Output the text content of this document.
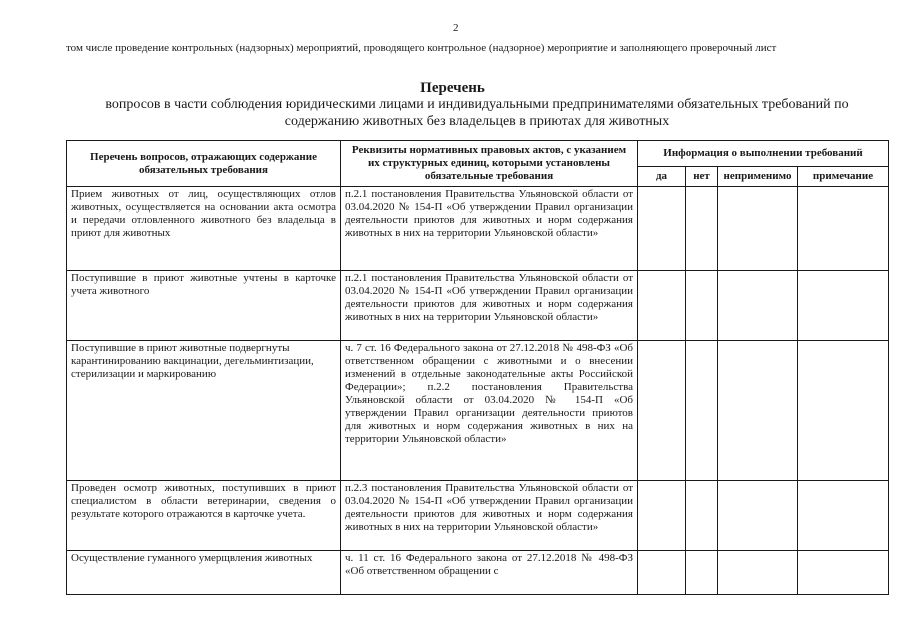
2
том числе проведение контрольных (надзорных) мероприятий, проводящего контрольное (надзорное) мероприятие и заполняющего проверочный лист
Перечень
вопросов в части соблюдения юридическими лицами и индивидуальными предпринимателями обязательных требований по содержанию животных без владельцев в приютах для животных
Перечень вопросов, отражающих содержание обязательных требования	Реквизиты нормативных правовых актов, с указанием их структурных единиц, которыми установлены обязательные требования	Информация о выполнении требований			
		да	нет	неприменимо	примечание
Прием животных от лиц, осуществляющих отлов животных, осуществляется на основании акта осмотра и передачи отловленного животного без владельца в приют для животных	п.2.1 постановления Правительства Ульяновской области от 03.04.2020 № 154-П «Об утверждении Правил организации деятельности приютов для животных и норм содержания животных в них на территории Ульяновской области»				
Поступившие в приют животные учтены в карточке учета животного	п.2.1 постановления Правительства Ульяновской области от 03.04.2020 № 154-П «Об утверждении Правил организации деятельности приютов для животных и норм содержания животных в них на территории Ульяновской области»				
Поступившие в приют животные подвергнуты карантинированию вакцинации, дегельминтизации, стерилизации и маркированию	ч. 7 ст. 16 Федерального закона от 27.12.2018 № 498-ФЗ «Об ответственном обращении с животными и о внесении изменений в отдельные законодательные акты Российской Федерации»; п.2.2 постановления Правительства Ульяновской области от 03.04.2020 № 154-П «Об утверждении Правил организации деятельности приютов для животных и норм содержания животных в них на территории Ульяновской области»				
Проведен осмотр животных, поступивших в приют специалистом в области ветеринарии, сведения о результате которого отражаются в карточке учета.	п.2.3 постановления Правительства Ульяновской области от 03.04.2020 № 154-П «Об утверждении Правил организации деятельности приютов для животных и норм содержания животных в них на территории Ульяновской области»				
Осуществление гуманного умерщвления животных	ч. 11 ст. 16 Федерального закона от 27.12.2018 № 498-ФЗ «Об ответственном обращении с				
